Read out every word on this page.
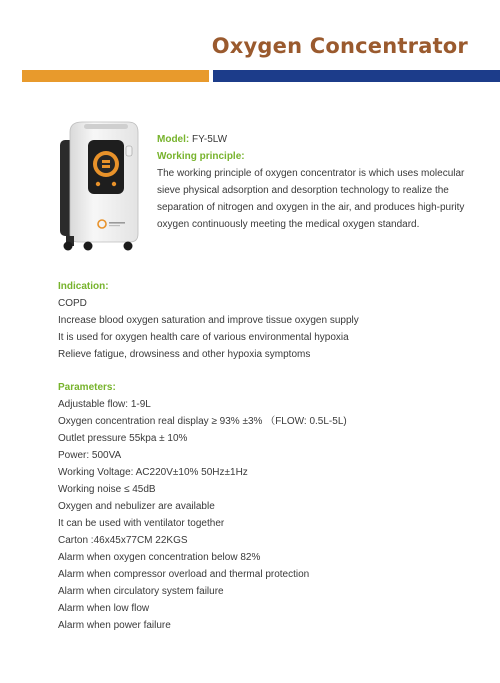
Oxygen Concentrator
Model: FY-5LW
Working principle:
The working principle of oxygen concentrator is which uses molecular
sieve physical adsorption and desorption technology to realize the
separation of nitrogen and oxygen in the air, and produces high-purity
oxygen continuously meeting the medical oxygen standard.
Indication:
COPD
Increase blood oxygen saturation and improve tissue oxygen supply
It is used for oxygen health care of various environmental hypoxia
Relieve fatigue, drowsiness and other hypoxia symptoms
Parameters:
Adjustable flow: 1-9L
Oxygen concentration real display ≥ 93% ±3% （FLOW: 0.5L-5L)
Outlet pressure 55kpa ± 10%
Power: 500VA
Working Voltage: AC220V±10% 50Hz±1Hz
Working noise ≤ 45dB
Oxygen and nebulizer are available
It can be used with ventilator together
Carton :46x45x77CM 22KGS
Alarm when oxygen concentration below 82%
Alarm when compressor overload and thermal protection
Alarm when circulatory system failure
Alarm when low flow
Alarm when power failure
